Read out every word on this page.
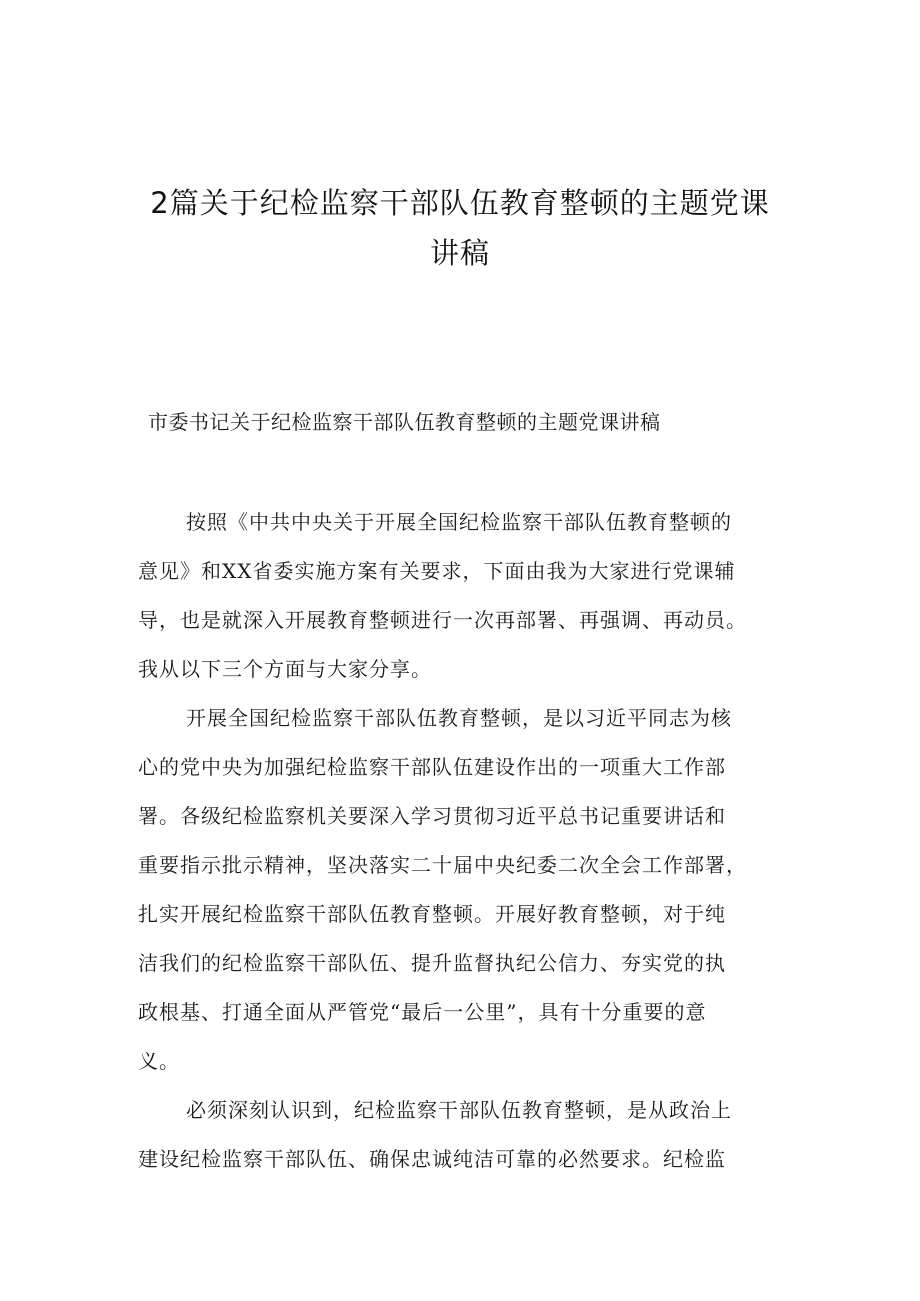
2篇关于纪检监察干部队伍教育整顿的主题党课
讲稿

市委书记关于纪检监察干部队伍教育整顿的主题党课讲稿

按照《中共中央关于开展全国纪检监察干部队伍教育整顿的
意见》和XX省委实施方案有关要求，下面由我为大家进行党课辅
导，也是就深入开展教育整顿进行一次再部署、再强调、再动员。
我从以下三个方面与大家分享。
开展全国纪检监察干部队伍教育整顿，是以习近平同志为核
心的党中央为加强纪检监察干部队伍建设作出的一项重大工作部
署。各级纪检监察机关要深入学习贯彻习近平总书记重要讲话和
重要指示批示精神，坚决落实二十届中央纪委二次全会工作部署，
扎实开展纪检监察干部队伍教育整顿。开展好教育整顿，对于纯
洁我们的纪检监察干部队伍、提升监督执纪公信力、夯实党的执
政根基、打通全面从严管党“最后一公里”，具有十分重要的意
义。
必须深刻认识到，纪检监察干部队伍教育整顿，是从政治上
建设纪检监察干部队伍、确保忠诚纯洁可靠的必然要求。纪检监
